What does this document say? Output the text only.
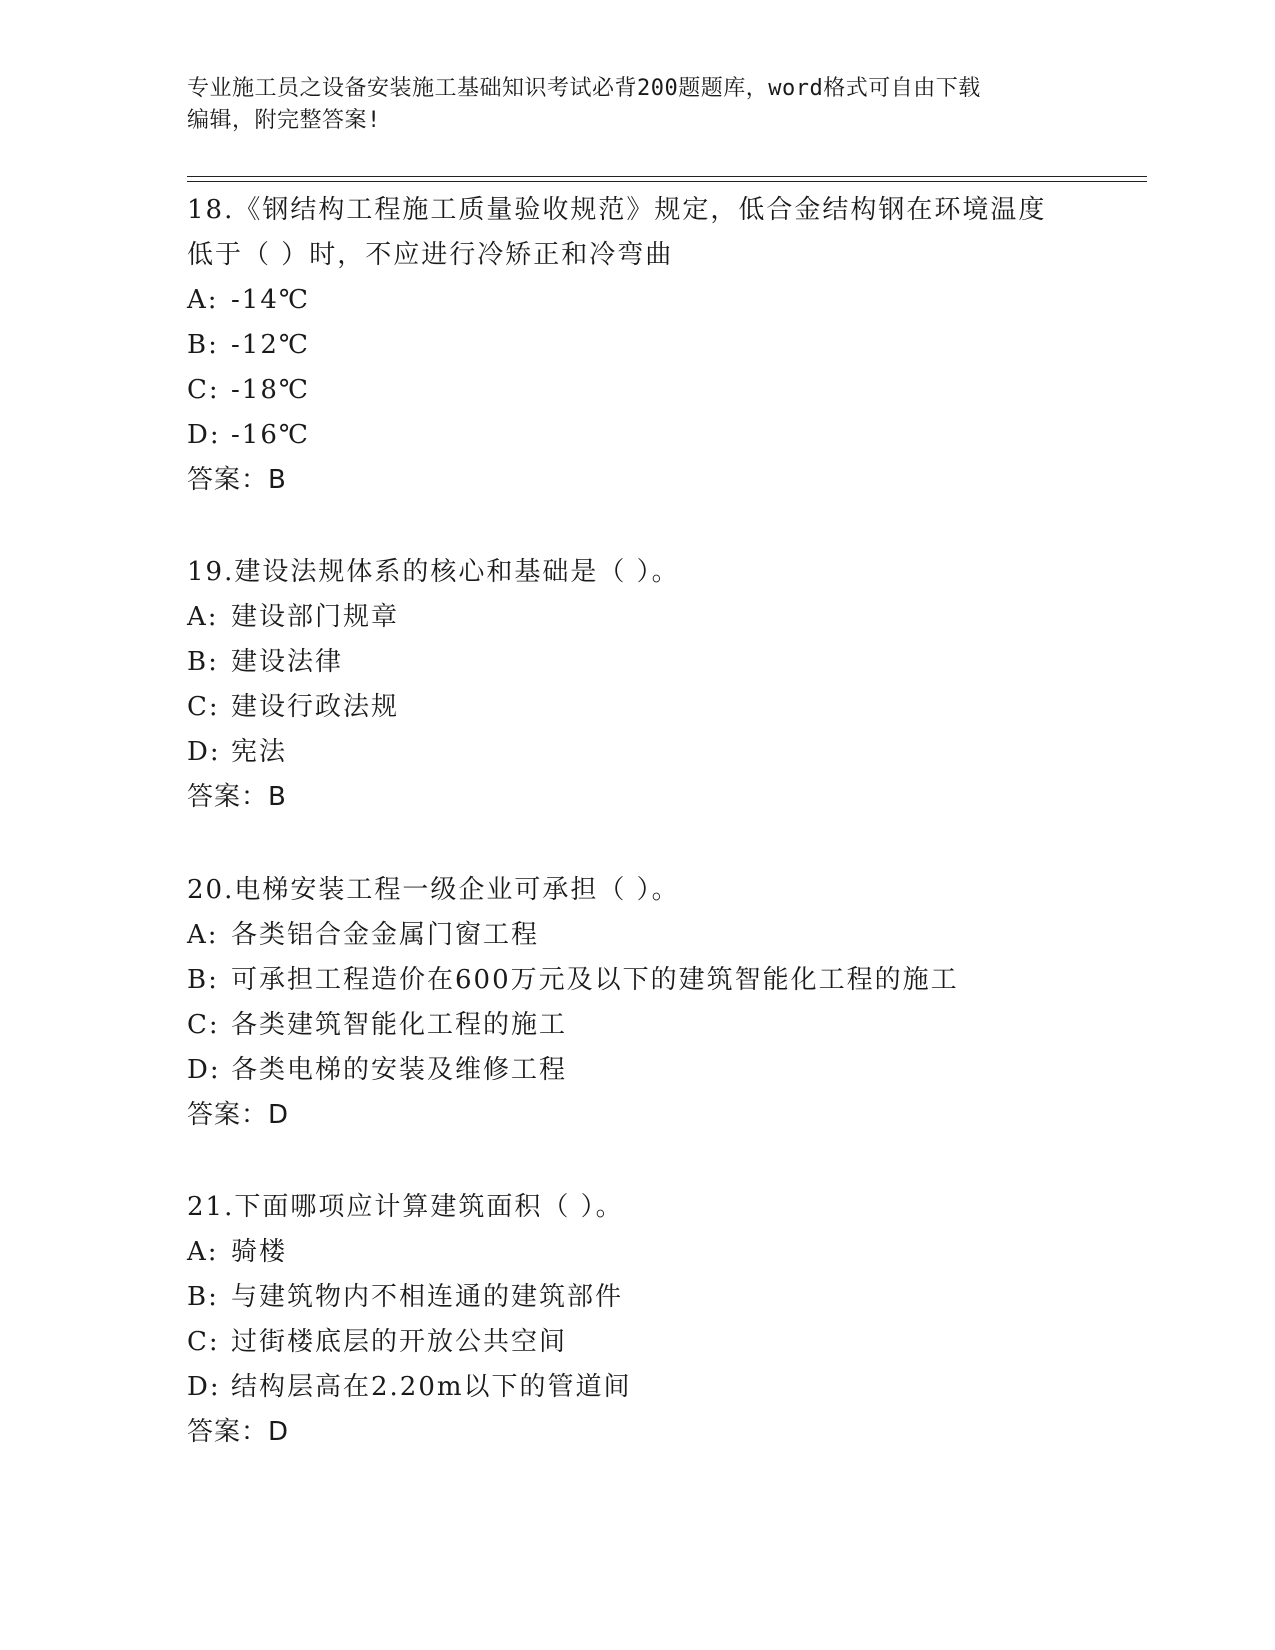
专业施工员之设备安装施工基础知识考试必背200题题库，word格式可自由下载
编辑，附完整答案!

18.《钢结构工程施工质量验收规范》规定，低合金结构钢在环境温度

低于（ ）时，不应进行冷矫正和冷弯曲

A: -14℃

B: -12℃

C: -18℃

D: -16℃

答案：B

19.建设法规体系的核心和基础是（ ）。

A: 建设部门规章

B: 建设法律

C: 建设行政法规

D: 宪法

答案：B

20.电梯安装工程一级企业可承担（ ）。

A: 各类铝合金金属门窗工程

B: 可承担工程造价在600万元及以下的建筑智能化工程的施工

C: 各类建筑智能化工程的施工

D: 各类电梯的安装及维修工程

答案：D

21.下面哪项应计算建筑面积（ ）。

A: 骑楼

B: 与建筑物内不相连通的建筑部件

C: 过街楼底层的开放公共空间

D: 结构层高在2.20m以下的管道间

答案：D
